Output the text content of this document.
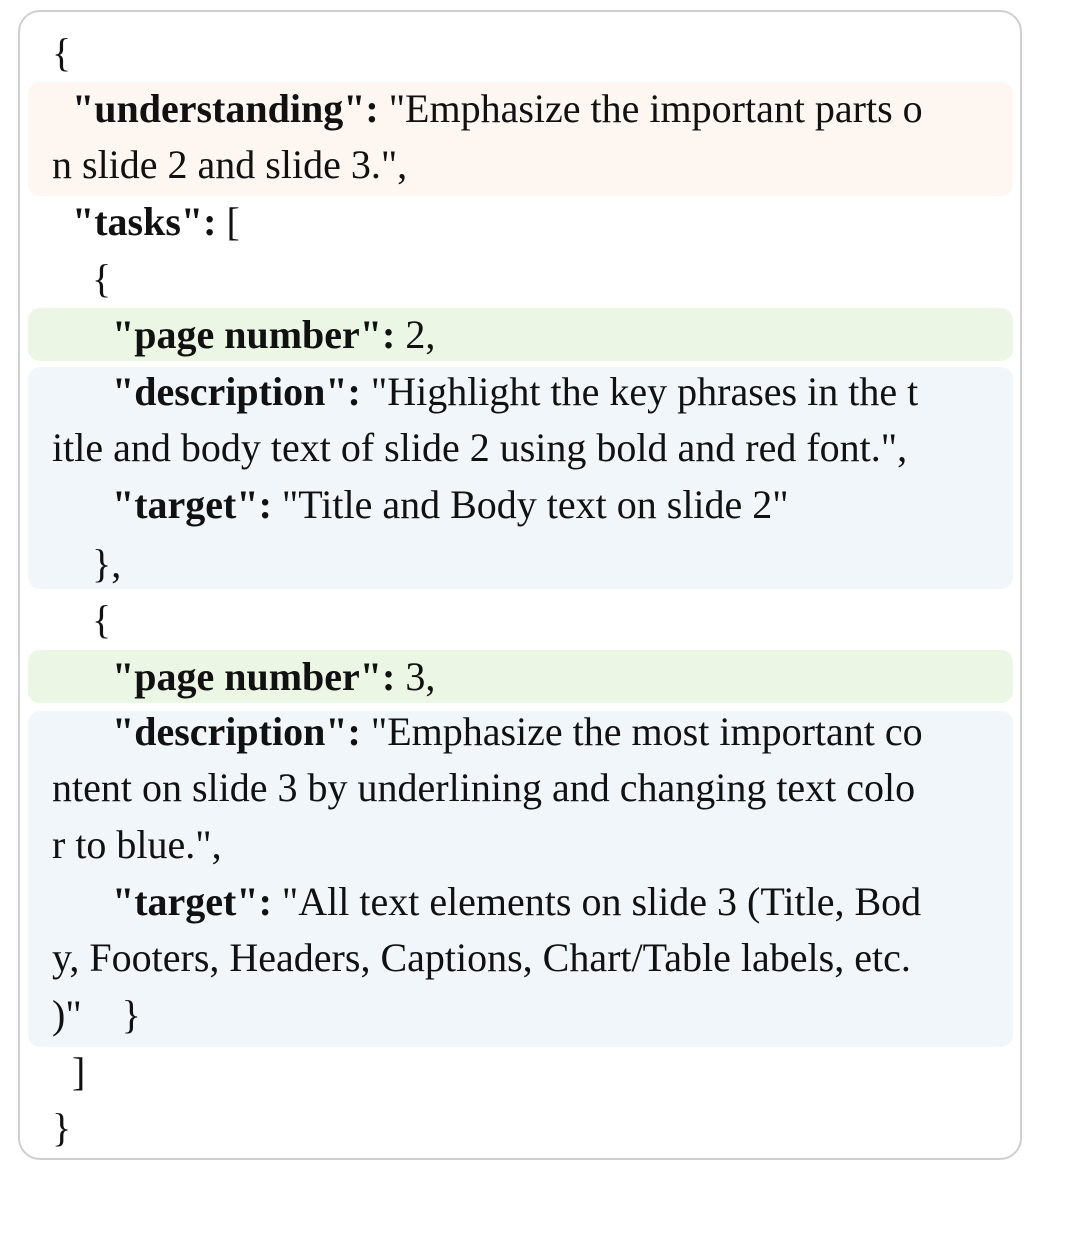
{
"understanding": "Emphasize the important parts o
n slide 2 and slide 3.",
"tasks": [
{
"page number": 2,
"description": "Highlight the key phrases in the t
itle and body text of slide 2 using bold and red font.",
"target": "Title and Body text on slide 2"
},
{
"page number": 3,
"description": "Emphasize the most important co
ntent on slide 3 by underlining and changing text colo
r to blue.",
"target": "All text elements on slide 3 (Title, Bod
y, Footers, Headers, Captions, Chart/Table labels, etc.
)"    }
]
}
